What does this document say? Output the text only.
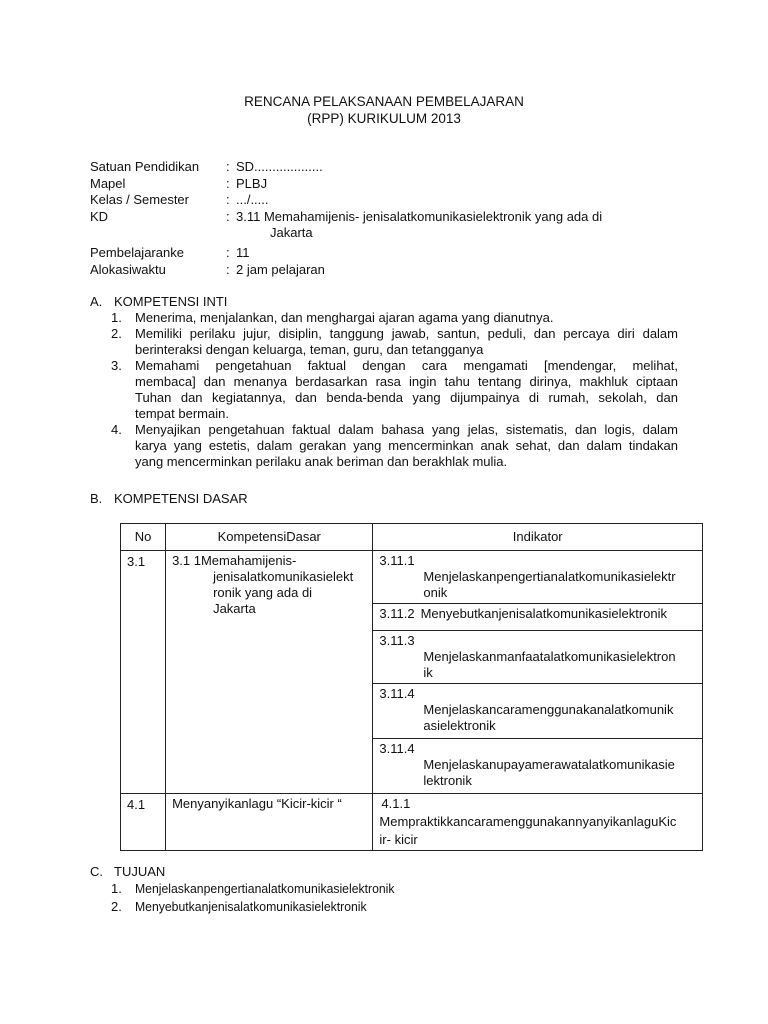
RENCANA PELAKSANAAN PEMBELAJARAN
(RPP) KURIKULUM 2013
Satuan Pendidikan	: SD...................
Mapel	: PLBJ
Kelas / Semester	: .../.....
KD	: 3.11 Memahamijenis- jenisalatkomunikasielektronik yang ada di
Jakarta
Pembelajaranke	: 11
Alokasiwaktu	: 2 jam pelajaran
A. KOMPETENSI INTI
1.	Menerima, menjalankan, dan menghargai ajaran agama yang dianutnya.
2.	Memiliki perilaku jujur, disiplin, tanggung jawab, santun, peduli, dan percaya diri dalam
berinteraksi dengan keluarga, teman, guru, dan tetangganya
3.	Memahami pengetahuan faktual dengan cara mengamati [mendengar, melihat,
membaca] dan menanya berdasarkan rasa ingin tahu tentang dirinya, makhluk ciptaan
Tuhan dan kegiatannya, dan benda-benda yang dijumpainya di rumah, sekolah, dan
tempat bermain.
4.	Menyajikan pengetahuan faktual dalam bahasa yang jelas, sistematis, dan logis, dalam
karya yang estetis, dalam gerakan yang mencerminkan anak sehat, dan dalam tindakan
yang mencerminkan perilaku anak beriman dan berakhlak mulia.
B. KOMPETENSI DASAR
No	KompetensiDasar	Indikator
3.1	3.1 1Memahamijenis-
jenisalatkomunikasielekt
ronik yang ada di
Jakarta	3.11.1
Menjelaskanpengertianalatkomunikasielektr
onik

		3.11.2 Menyebutkanjenisalatkomunikasielektronik

		3.11.3
Menjelaskanmanfaatalatkomunikasielektron
ik

		3.11.4
Menjelaskancaramenggunakanalatkomunik
asielektronik

		3.11.4
Menjelaskanupayamerawatalatkomunikasie
lektronik

4.1	Menyanyikanlagu “Kicir-kicir “	4.1.1
Mempraktikkancaramenggunakannyanyikanlagu​Kic
ir- kicir
C. TUJUAN
1.	Menjelaskanpengertianalatkomunikasielektronik
2.	Menyebutkanjenisalatkomunikasielektronik
